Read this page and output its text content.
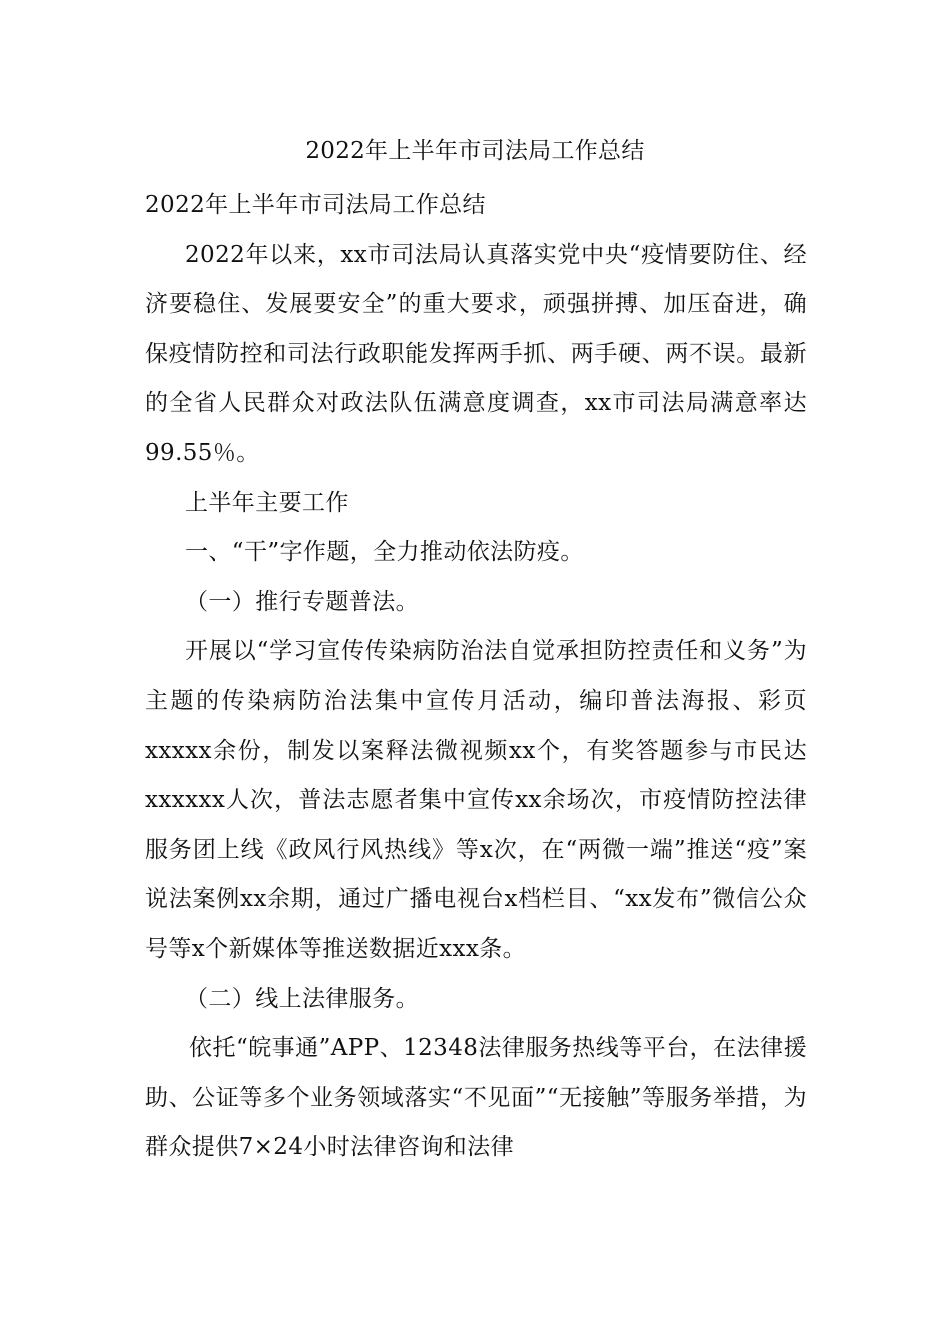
2022年上半年市司法局工作总结

2022年上半年市司法局工作总结

2022年以来，xx市司法局认真落实党中央“疫情要防住、经济要稳住、发展要安全”的重大要求，顽强拼搏、加压奋进，确保疫情防控和司法行政职能发挥两手抓、两手硬、两不误。最新的全省人民群众对政法队伍满意度调查，xx市司法局满意率达99.55％。

上半年主要工作

一、“干”字作题，全力推动依法防疫。

（一）推行专题普法。

开展以“学习宣传传染病防治法自觉承担防控责任和义务”为主题的传染病防治法集中宣传月活动，编印普法海报、彩页xxxxx余份，制发以案释法微视频xx个，有奖答题参与市民达xxxxxx人次，普法志愿者集中宣传xx余场次，市疫情防控法律服务团上线《政风行风热线》等x次，在“两微一端”推送“疫”案说法案例xx余期，通过广播电视台x档栏目、“xx发布”微信公众号等x个新媒体等推送数据近xxx条。

（二）线上法律服务。

依托“皖事通”APP、12348法律服务热线等平台，在法律援助、公证等多个业务领域落实“不见面”“无接触”等服务举措，为群众提供7×24小时法律咨询和法律
